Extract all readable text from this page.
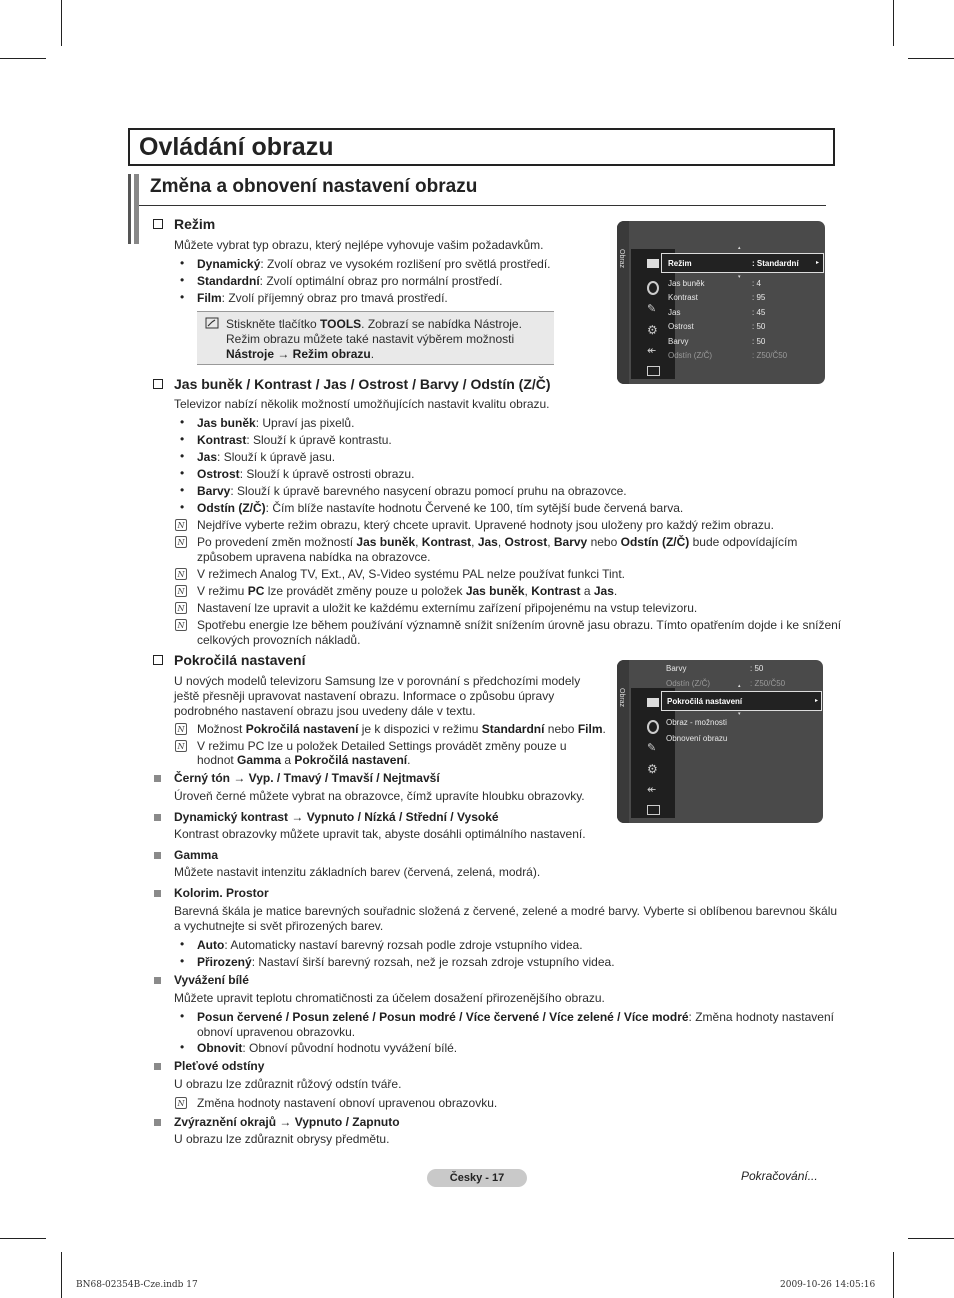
Ovládání obrazu
Změna a obnovení nastavení obrazu
Režim
Můžete vybrat typ obrazu, který nejlépe vyhovuje vašim požadavkům.
• Dynamický: Zvolí obraz ve vysokém rozlišení pro světlá prostředí.
• Standardní: Zvolí optimální obraz pro normální prostředí.
• Film: Zvolí příjemný obraz pro tmavá prostředí.
Stiskněte tlačítko TOOLS. Zobrazí se nabídka Nástroje.
Režim obrazu můžete také nastavit výběrem možnosti
Nástroje → Režim obrazu.
Obraz
✎
⚙
↞
Režim	: Standardní	▸
▴
▾
Jas buněk	: 4
Kontrast	: 95
Jas	: 45
Ostrost	: 50
Barvy	: 50
Odstín (Z/Č)	: Z50/Č50
Jas buněk / Kontrast / Jas / Ostrost / Barvy / Odstín (Z/Č)
Televizor nabízí několik možností umožňujících nastavit kvalitu obrazu.
• Jas buněk: Upraví jas pixelů.
• Kontrast: Slouží k úpravě kontrastu.
• Jas: Slouží k úpravě jasu.
• Ostrost: Slouží k úpravě ostrosti obrazu.
• Barvy: Slouží k úpravě barevného nasycení obrazu pomocí pruhu na obrazovce.
• Odstín (Z/Č): Čím blíže nastavíte hodnotu Červené ke 100, tím sytější bude červená barva.
N Nejdříve vyberte režim obrazu, který chcete upravit. Upravené hodnoty jsou uloženy pro každý režim obrazu.
N Po provedení změn možností Jas buněk, Kontrast, Jas, Ostrost, Barvy nebo Odstín (Z/Č) bude odpovídajícím
způsobem upravena nabídka na obrazovce.
N V režimech Analog TV, Ext., AV, S-Video systému PAL nelze používat funkci Tint.
N V režimu PC lze provádět změny pouze u položek Jas buněk, Kontrast a Jas.
N Nastavení lze upravit a uložit ke každému externímu zařízení připojenému na vstup televizoru.
N Spotřebu energie lze během používání významně snížit snížením úrovně jasu obrazu. Tímto opatřením dojde i ke snížení
celkových provozních nákladů.
Pokročilá nastavení
U nových modelů televizoru Samsung lze v porovnání s předchozími modely
ještě přesněji upravovat nastavení obrazu. Informace o způsobu úpravy
podrobného nastavení obrazu jsou uvedeny dále v textu.
N Možnost Pokročilá nastavení je k dispozici v režimu Standardní nebo Film.
N V režimu PC lze u položek Detailed Settings provádět změny pouze u
hodnot Gamma a Pokročilá nastavení.
Černý tón → Vyp. / Tmavý / Tmavší / Nejtmavší
Úroveň černé můžete vybrat na obrazovce, čímž upravíte hloubku obrazovky.
Dynamický kontrast → Vypnuto / Nízká / Střední / Vysoké
Kontrast obrazovky můžete upravit tak, abyste dosáhli optimálního nastavení.
Gamma
Můžete nastavit intenzitu základních barev (červená, zelená, modrá).
Kolorim. Prostor
Barevná škála je matice barevných souřadnic složená z červené, zelené a modré barvy. Vyberte si oblíbenou barevnou škálu
a vychutnejte si svět přirozených barev.
• Auto: Automaticky nastaví barevný rozsah podle zdroje vstupního videa.
• Přirozený: Nastaví širší barevný rozsah, než je rozsah zdroje vstupního videa.
Vyvážení bílé
Můžete upravit teplotu chromatičnosti za účelem dosažení přirozenějšího obrazu.
• Posun červené / Posun zelené / Posun modré / Více červené / Více zelené / Více modré: Změna hodnoty nastavení
obnoví upravenou obrazovku.
• Obnovit: Obnoví původní hodnotu vyvážení bílé.
Pleťové odstíny
U obrazu lze zdůraznit růžový odstín tváře.
N Změna hodnoty nastavení obnoví upravenou obrazovku.
Zvýraznění okrajů → Vypnuto / Zapnuto
U obrazu lze zdůraznit obrysy předmětu.
Obraz
✎
⚙
↞
Barvy	: 50
Odstín (Z/Č)	: Z50/Č50
▴
Pokročilá nastavení	▸
▾
Obraz - možnosti
Obnovení obrazu
Česky - 17	Pokračování...
BN68-02354B-Cze.indb 17	2009-10-26 14:05:16
